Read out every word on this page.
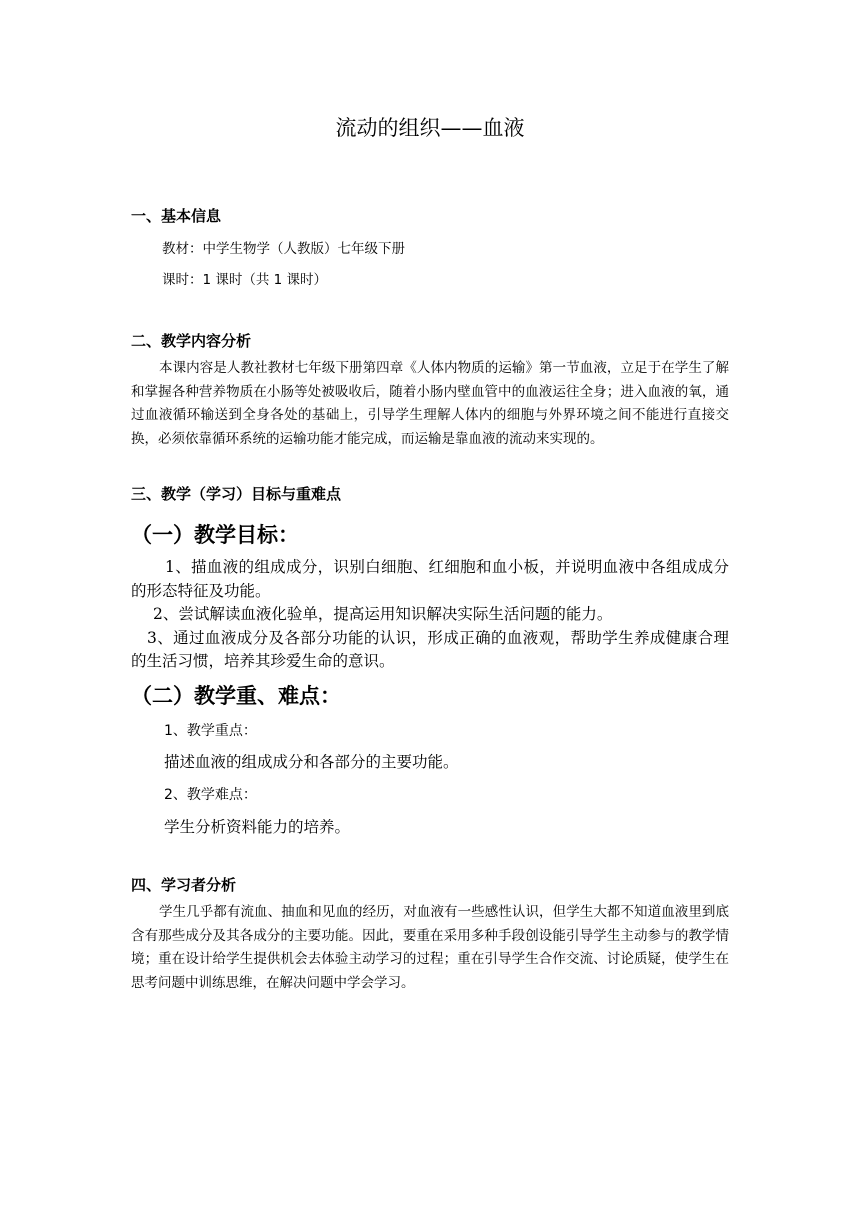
流动的组织——血液
一、基本信息
教材：中学生物学（人教版）七年级下册
课时：1 课时（共 1 课时）
二、教学内容分析
本课内容是人教社教材七年级下册第四章《人体内物质的运输》第一节血液，立足于在学生了解和掌握各种营养物质在小肠等处被吸收后，随着小肠内壁血管中的血液运往全身；进入血液的氧，通过血液循环输送到全身各处的基础上，引导学生理解人体内的细胞与外界环境之间不能进行直接交换，必须依靠循环系统的运输功能才能完成，而运输是靠血液的流动来实现的。
三、教学（学习）目标与重难点
（一）教学目标：
1、描血液的组成成分，识别白细胞、红细胞和血小板，并说明血液中各组成成分的形态特征及功能。
2、尝试解读血液化验单，提高运用知识解决实际生活问题的能力。
3、通过血液成分及各部分功能的认识，形成正确的血液观，帮助学生养成健康合理的生活习惯，培养其珍爱生命的意识。
（二）教学重、难点：
1、教学重点：
描述血液的组成成分和各部分的主要功能。
2、教学难点：
学生分析资料能力的培养。
四、学习者分析
学生几乎都有流血、抽血和见血的经历，对血液有一些感性认识，但学生大都不知道血液里到底含有那些成分及其各成分的主要功能。因此，要重在采用多种手段创设能引导学生主动参与的教学情境；重在设计给学生提供机会去体验主动学习的过程；重在引导学生合作交流、讨论质疑，使学生在思考问题中训练思维，在解决问题中学会学习。
